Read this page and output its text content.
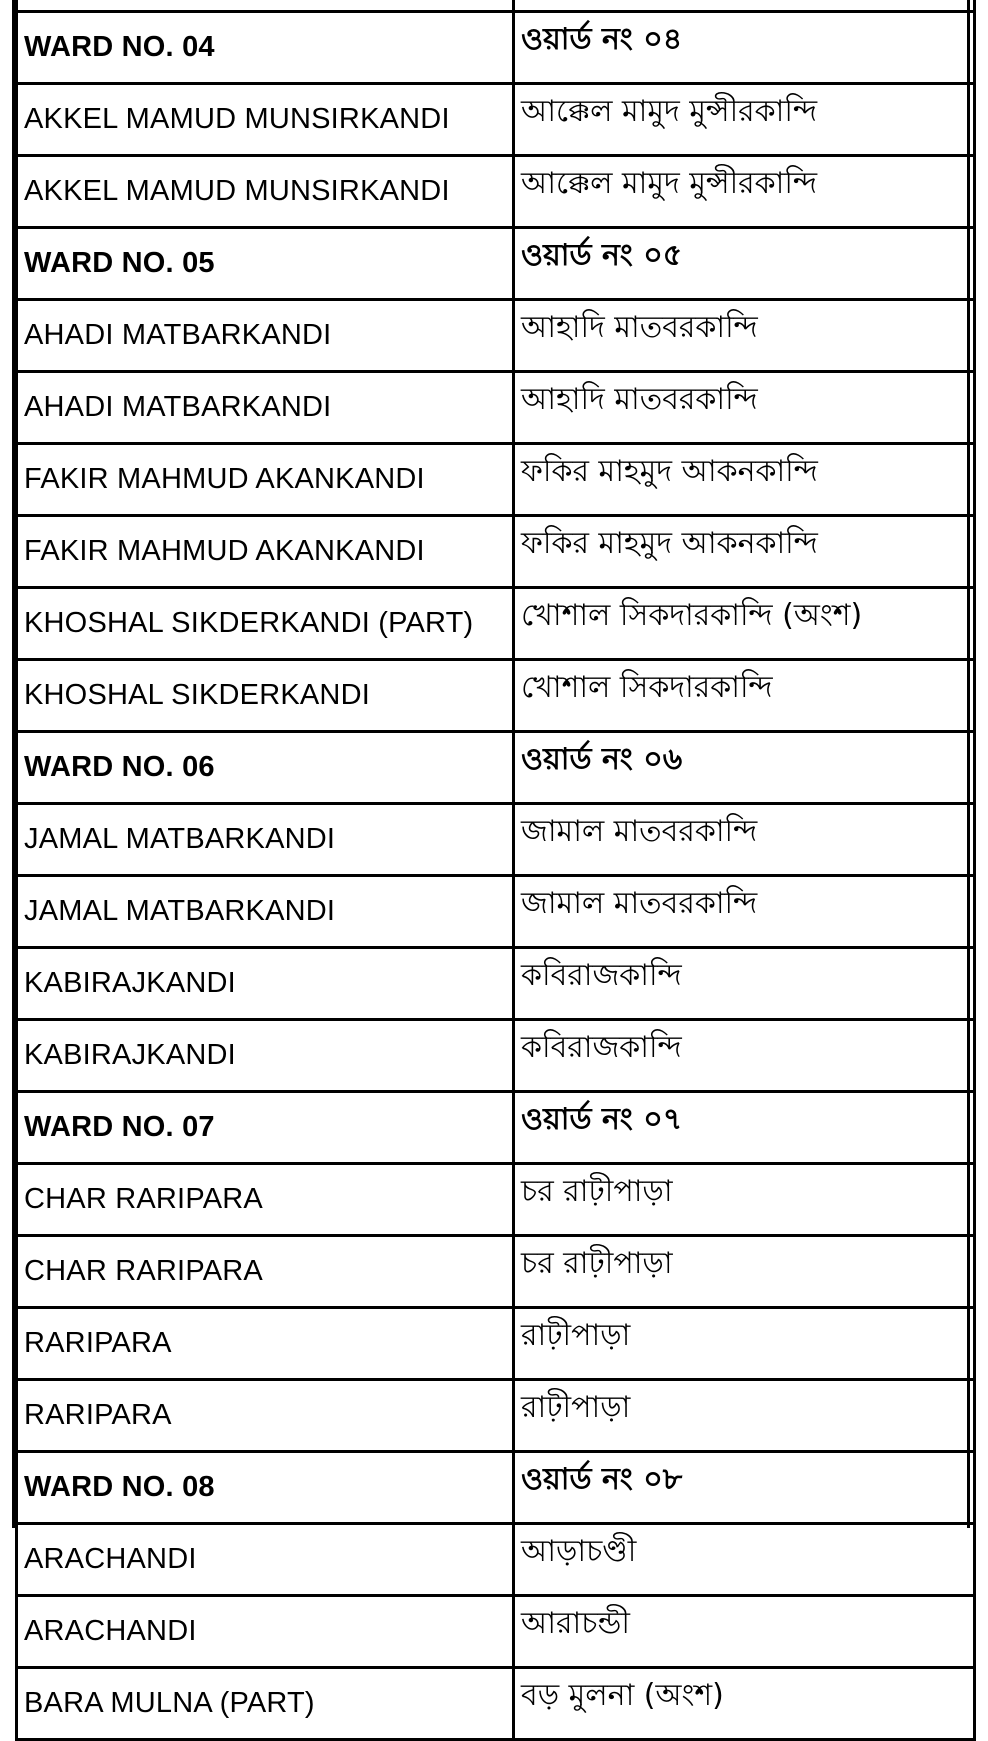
WARD NO. 04	ওয়ার্ড নং ০৪
AKKEL MAMUD MUNSIRKANDI	আক্কেল মামুদ মুন্সীরকান্দি
AKKEL MAMUD MUNSIRKANDI	আক্কেল মামুদ মুন্সীরকান্দি
WARD NO. 05	ওয়ার্ড নং ০৫
AHADI MATBARKANDI	আহাদি মাতবরকান্দি
AHADI MATBARKANDI	আহাদি মাতবরকান্দি
FAKIR MAHMUD AKANKANDI	ফকির মাহমুদ আকনকান্দি
FAKIR MAHMUD AKANKANDI	ফকির মাহমুদ আকনকান্দি
KHOSHAL SIKDERKANDI (PART)	খোশাল সিকদারকান্দি (অংশ)
KHOSHAL SIKDERKANDI	খোশাল সিকদারকান্দি
WARD NO. 06	ওয়ার্ড নং ০৬
JAMAL MATBARKANDI	জামাল মাতবরকান্দি
JAMAL MATBARKANDI	জামাল মাতবরকান্দি
KABIRAJKANDI	কবিরাজকান্দি
KABIRAJKANDI	কবিরাজকান্দি
WARD NO. 07	ওয়ার্ড নং ০৭
CHAR RARIPARA	চর রাঢ়ীপাড়া
CHAR RARIPARA	চর রাঢ়ীপাড়া
RARIPARA	রাঢ়ীপাড়া
RARIPARA	রাঢ়ীপাড়া
WARD NO. 08	ওয়ার্ড নং ০৮
ARACHANDI	আড়াচণ্ডী
ARACHANDI	আরাচন্ডী
BARA MULNA (PART)	বড় মুলনা (অংশ)
